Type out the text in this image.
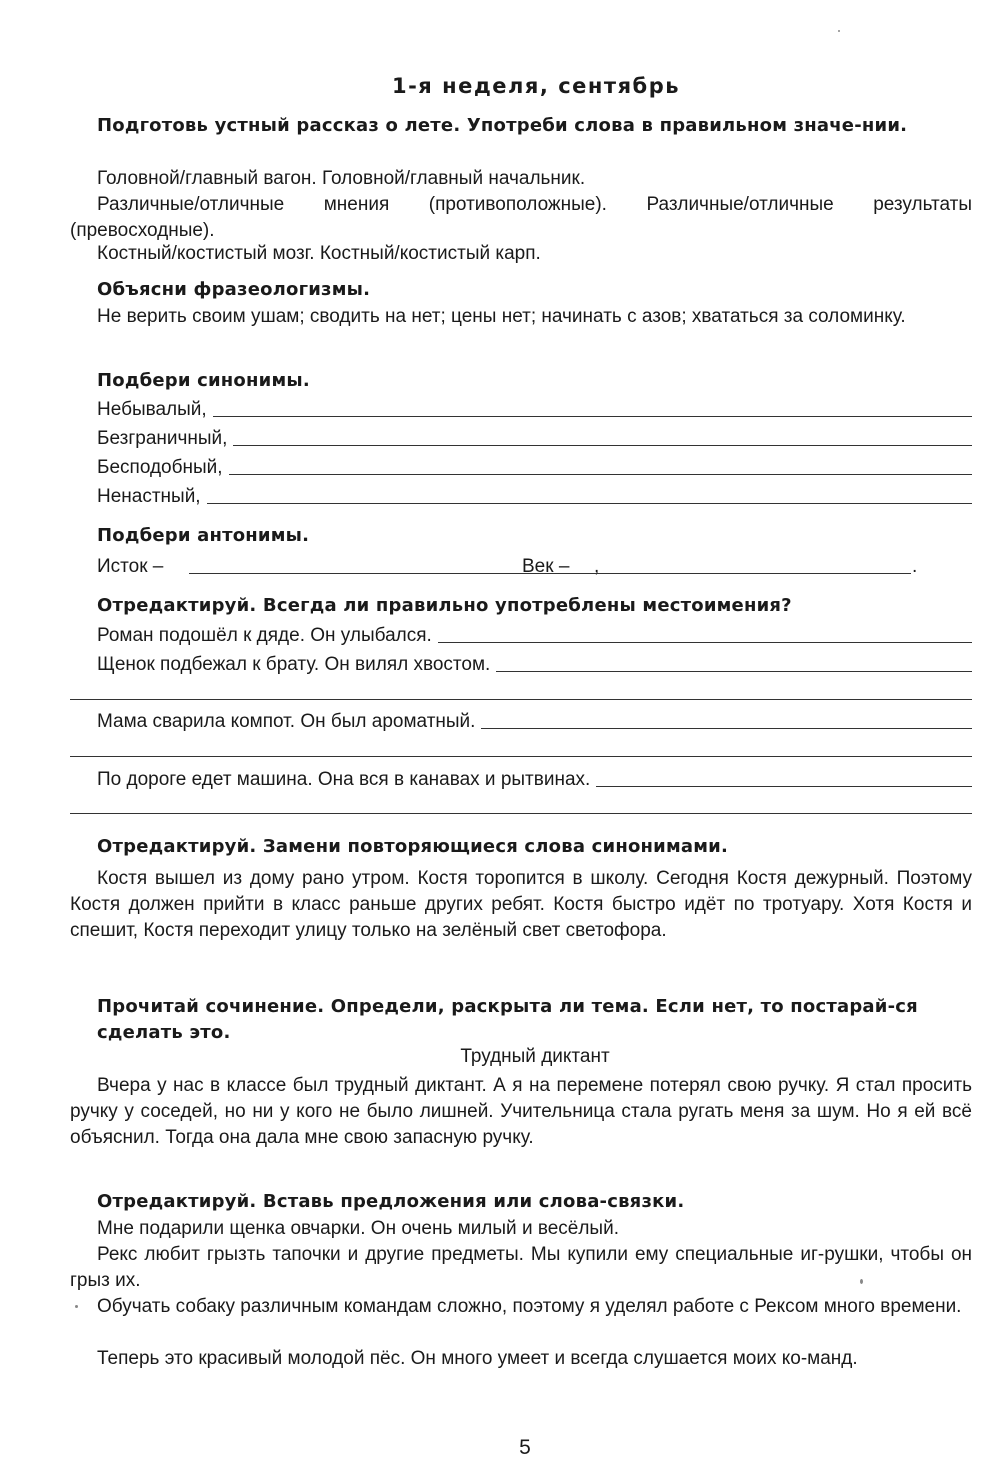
1-я неделя, сентябрь
Подготовь устный рассказ о лете. Употреби слова в правильном значе-нии.
Головной/главный вагон. Головной/главный начальник.
Различные/отличные мнения (противоположные). Различные/отличные результаты (превосходные).
Костный/костистый мозг. Костный/костистый карп.
Объясни фразеологизмы.
Не верить своим ушам; сводить на нет; цены нет; начинать с азов; хвататься за соломинку.
Подбери синонимы.
Небывалый,
Безграничный,
Бесподобный,
Ненастный,
Подбери антонимы.
Исток –	,
Век –	.
Отредактируй. Всегда ли правильно употреблены местоимения?
Роман подошёл к дяде. Он улыбался.
Щенок подбежал к брату. Он вилял хвостом.
Мама сварила компот. Он был ароматный.
По дороге едет машина. Она вся в канавах и рытвинах.
Отредактируй. Замени повторяющиеся слова синонимами.
Костя вышел из дому рано утром. Костя торопится в школу. Сегодня Костя дежурный. Поэтому Костя должен прийти в класс раньше других ребят. Костя быстро идёт по тротуару. Хотя Костя и спешит, Костя переходит улицу только на зелёный свет светофора.
Прочитай сочинение. Определи, раскрыта ли тема. Если нет, то постарай-ся сделать это.
Трудный диктант
Вчера у нас в классе был трудный диктант. А я на перемене потерял свою ручку. Я стал просить ручку у соседей, но ни у кого не было лишней. Учительница стала ругать меня за шум. Но я ей всё объяснил. Тогда она дала мне свою запасную ручку.
Отредактируй. Вставь предложения или слова-связки.
Мне подарили щенка овчарки. Он очень милый и весёлый.
Рекс любит грызть тапочки и другие предметы. Мы купили ему специальные иг-рушки, чтобы он грыз их.
Обучать собаку различным командам сложно, поэтому я уделял работе с Рексом много времени.
Теперь это красивый молодой пёс. Он много умеет и всегда слушается моих ко-манд.
5
